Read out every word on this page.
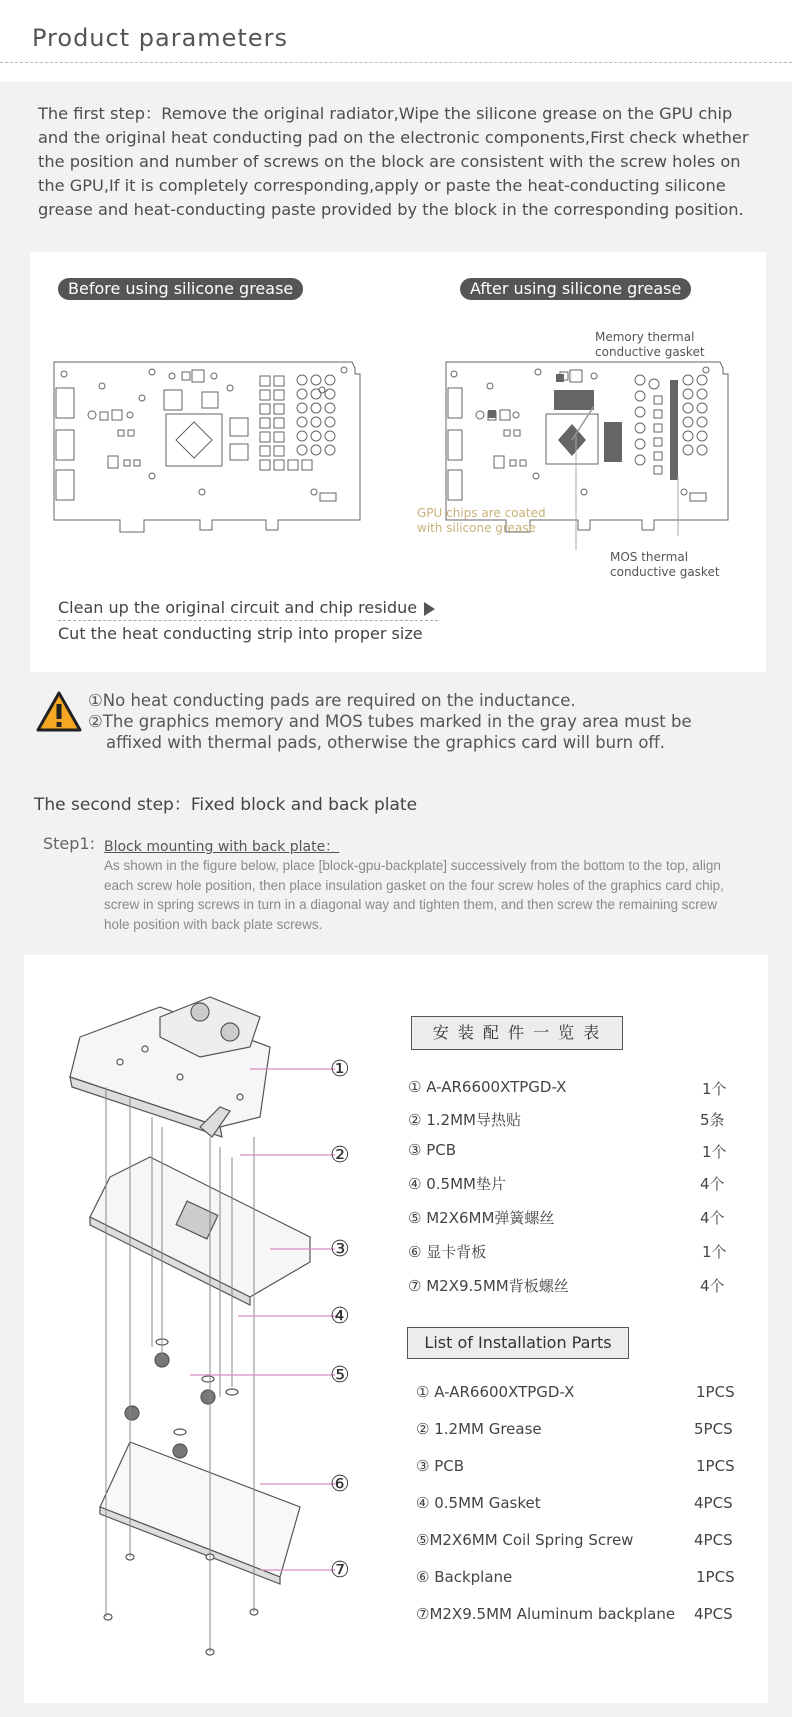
Product parameters
The first step：Remove the original radiator,Wipe the silicone grease on the GPU chip and the original heat conducting pad on the electronic components,First check whether the position and number of screws on the block are consistent with the screw holes on the GPU,If it is completely corresponding,apply or paste the heat-conducting silicone grease and heat-conducting paste provided by the block in the corresponding position.
Before using silicone grease	After using silicone grease
Memory thermal
conductive gasket
GPU chips are coated
with silicone grease
MOS thermal
conductive gasket
Clean up the original circuit and chip residue
Cut the heat conducting strip into proper size
①No heat conducting pads are required on the inductance.
②The graphics memory and MOS tubes marked in the gray area must be
affixed with thermal pads, otherwise the graphics card will burn off.
The second step：Fixed block and back plate
Step1: Block mounting with back plate：
As shown in the figure below, place [block-gpu-backplate] successively from the bottom to the top, align each screw hole position, then place insulation gasket on the four screw holes of the graphics card chip, screw in spring screws in turn in a diagonal way and tighten them, and then screw the remaining screw hole position with back plate screws.
①
②
③
④
⑤
⑥
⑦
安 装 配 件 一 览 表
① A-AR6600XTPGD-X	1个
② 1.2MM导热贴	5条
③ PCB	1个
④ 0.5MM垫片	4个
⑤ M2X6MM弹簧螺丝	4个
⑥ 显卡背板	1个
⑦ M2X9.5MM背板螺丝	4个
List of Installation Parts
① A-AR6600XTPGD-X	1PCS
② 1.2MM Grease	5PCS
③ PCB	1PCS
④ 0.5MM Gasket	4PCS
⑤M2X6MM Coil Spring Screw	4PCS
⑥ Backplane	1PCS
⑦M2X9.5MM Aluminum backplane 4PCS
